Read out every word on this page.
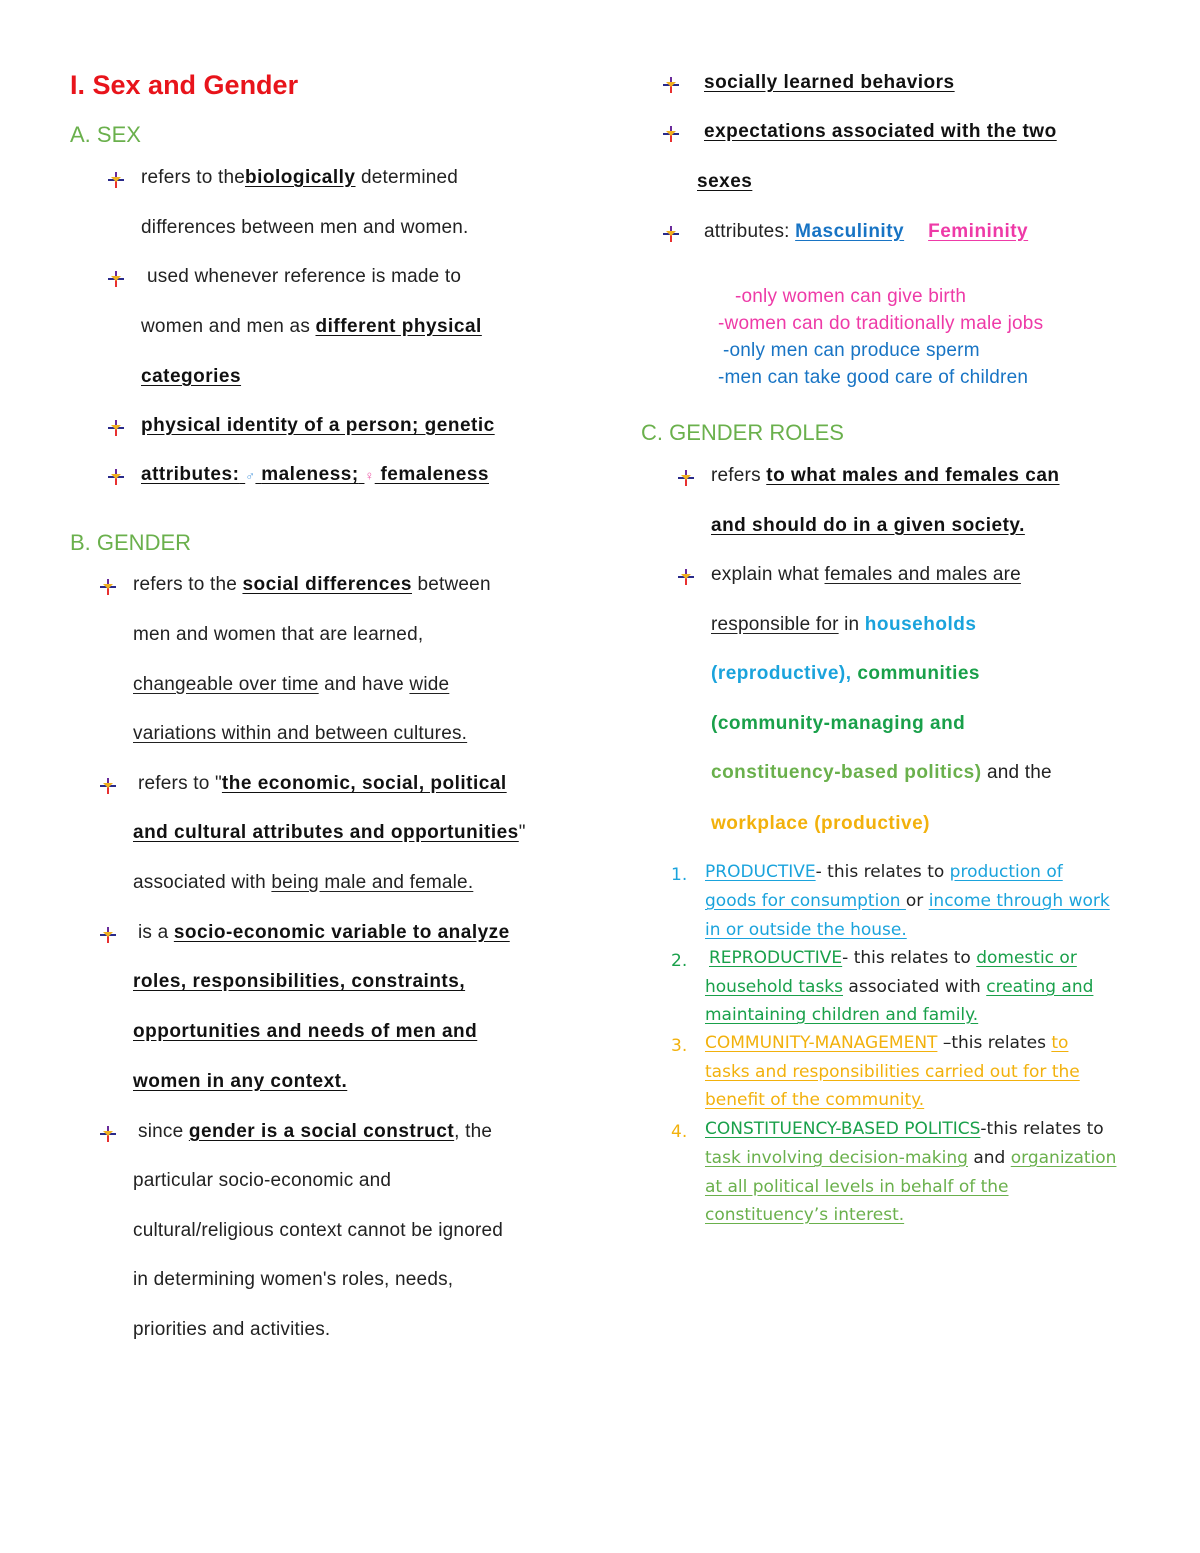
I. Sex and Gender
A. SEX
refers to thebiologically determined
differences between men and women.
used whenever reference is made to
women and men as different physical
categories
physical identity of a person; genetic
attributes: ♂ maleness; ♀ femaleness
B. GENDER
refers to the social differences between
men and women that are learned,
changeable over time and have wide
variations within and between cultures.
refers to "the economic, social, political
and cultural attributes and opportunities"
associated with being male and female.
is a socio-economic variable to analyze
roles, responsibilities, constraints,
opportunities and needs of men and
women in any context.
since gender is a social construct, the
particular socio-economic and
cultural/religious context cannot be ignored
in determining women's roles, needs,
priorities and activities.
socially learned behaviors
expectations associated with the two
sexes
attributes: Masculinity Femininity
-only women can give birth
-women can do traditionally male jobs
-only men can produce sperm
-men can take good care of children
C. GENDER ROLES
refers to what males and females can
and should do in a given society.
explain what females and males are
responsible for in households
(reproductive), communities
(community-managing and
constituency-based politics) and the
workplace (productive)
1. PRODUCTIVE- this relates to production of
goods for consumption or income through work
in or outside the house.
2. REPRODUCTIVE- this relates to domestic or
household tasks associated with creating and
maintaining children and family.
3. COMMUNITY-MANAGEMENT –this relates to
tasks and responsibilities carried out for the
benefit of the community.
4. CONSTITUENCY-BASED POLITICS-this relates to
task involving decision-making and organization
at all political levels in behalf of the
constituency’s interest.
